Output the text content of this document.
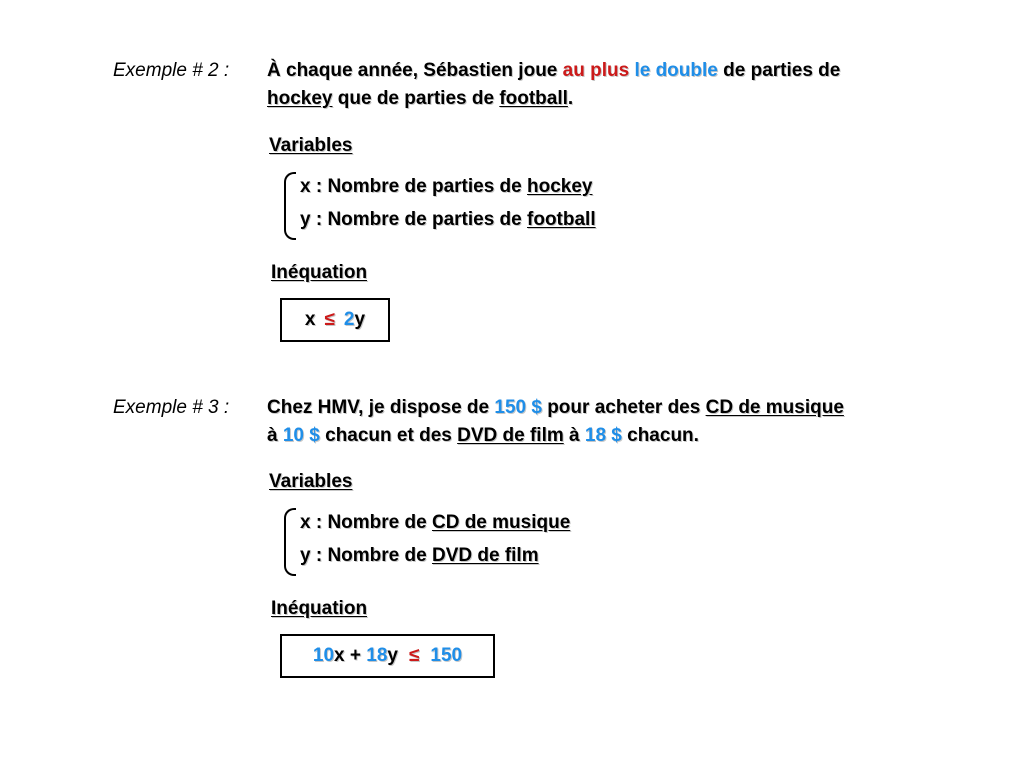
Exemple # 2 : À chaque année, Sébastien joue au plus le double de parties de
hockey que de parties de football.
Variables
x : Nombre de parties de hockey
y : Nombre de parties de football
Inéquation
x ≤ 2 y
Exemple # 3 : Chez HMV, je dispose de 150 $ pour acheter des CD de musique
à 10 $ chacun et des DVD de film à 18 $ chacun.
Variables
x : Nombre de CD de musique
y : Nombre de DVD de film
Inéquation
10 x + 18 y ≤ 150
